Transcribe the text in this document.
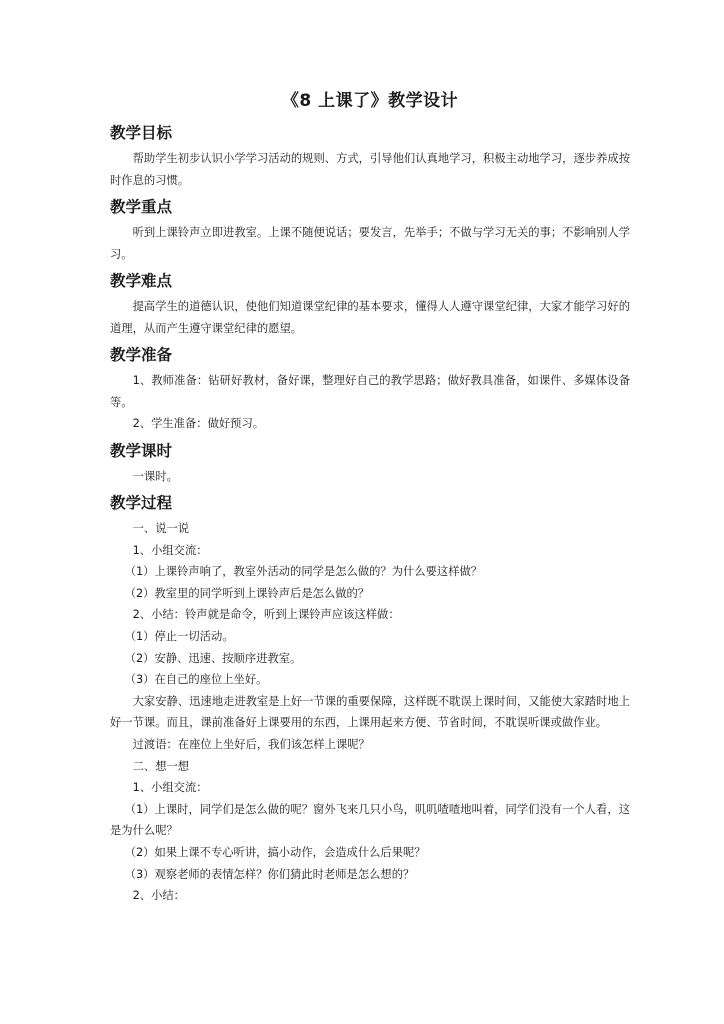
《8 上课了》教学设计
教学目标

帮助学生初步认识小学学习活动的规则、方式，引导他们认真地学习，积极主动地学习，逐步养成按时作息的习惯。

教学重点

听到上课铃声立即进教室。上课不随便说话；要发言，先举手；不做与学习无关的事；不影响别人学习。

教学难点

提高学生的道德认识，使他们知道课堂纪律的基本要求，懂得人人遵守课堂纪律，大家才能学习好的道理，从而产生遵守课堂纪律的愿望。

教学准备

1、教师准备：钻研好教材，备好课，整理好自己的教学思路；做好教具准备，如课件、多媒体设备等。

2、学生准备：做好预习。

教学课时

一课时。

教学过程

一、说一说

1、小组交流：

（1）上课铃声响了，教室外活动的同学是怎么做的？为什么要这样做？

（2）教室里的同学听到上课铃声后是怎么做的？

2、小结：铃声就是命令，听到上课铃声应该这样做：

（1）停止一切活动。

（2）安静、迅速、按顺序进教室。

（3）在自己的座位上坐好。

大家安静、迅速地走进教室是上好一节课的重要保障，这样既不耽误上课时间，又能使大家踏时地上好一节课。而且，课前准备好上课要用的东西，上课用起来方便、节省时间，不耽误听课或做作业。

过渡语：在座位上坐好后，我们该怎样上课呢？

二、想一想

1、小组交流：

（1）上课时，同学们是怎么做的呢？窗外飞来几只小鸟，叽叽喳喳地叫着，同学们没有一个人看，这是为什么呢？

（2）如果上课不专心听讲，搞小动作，会造成什么后果呢？

（3）观察老师的表情怎样？你们猜此时老师是怎么想的？

2、小结：
